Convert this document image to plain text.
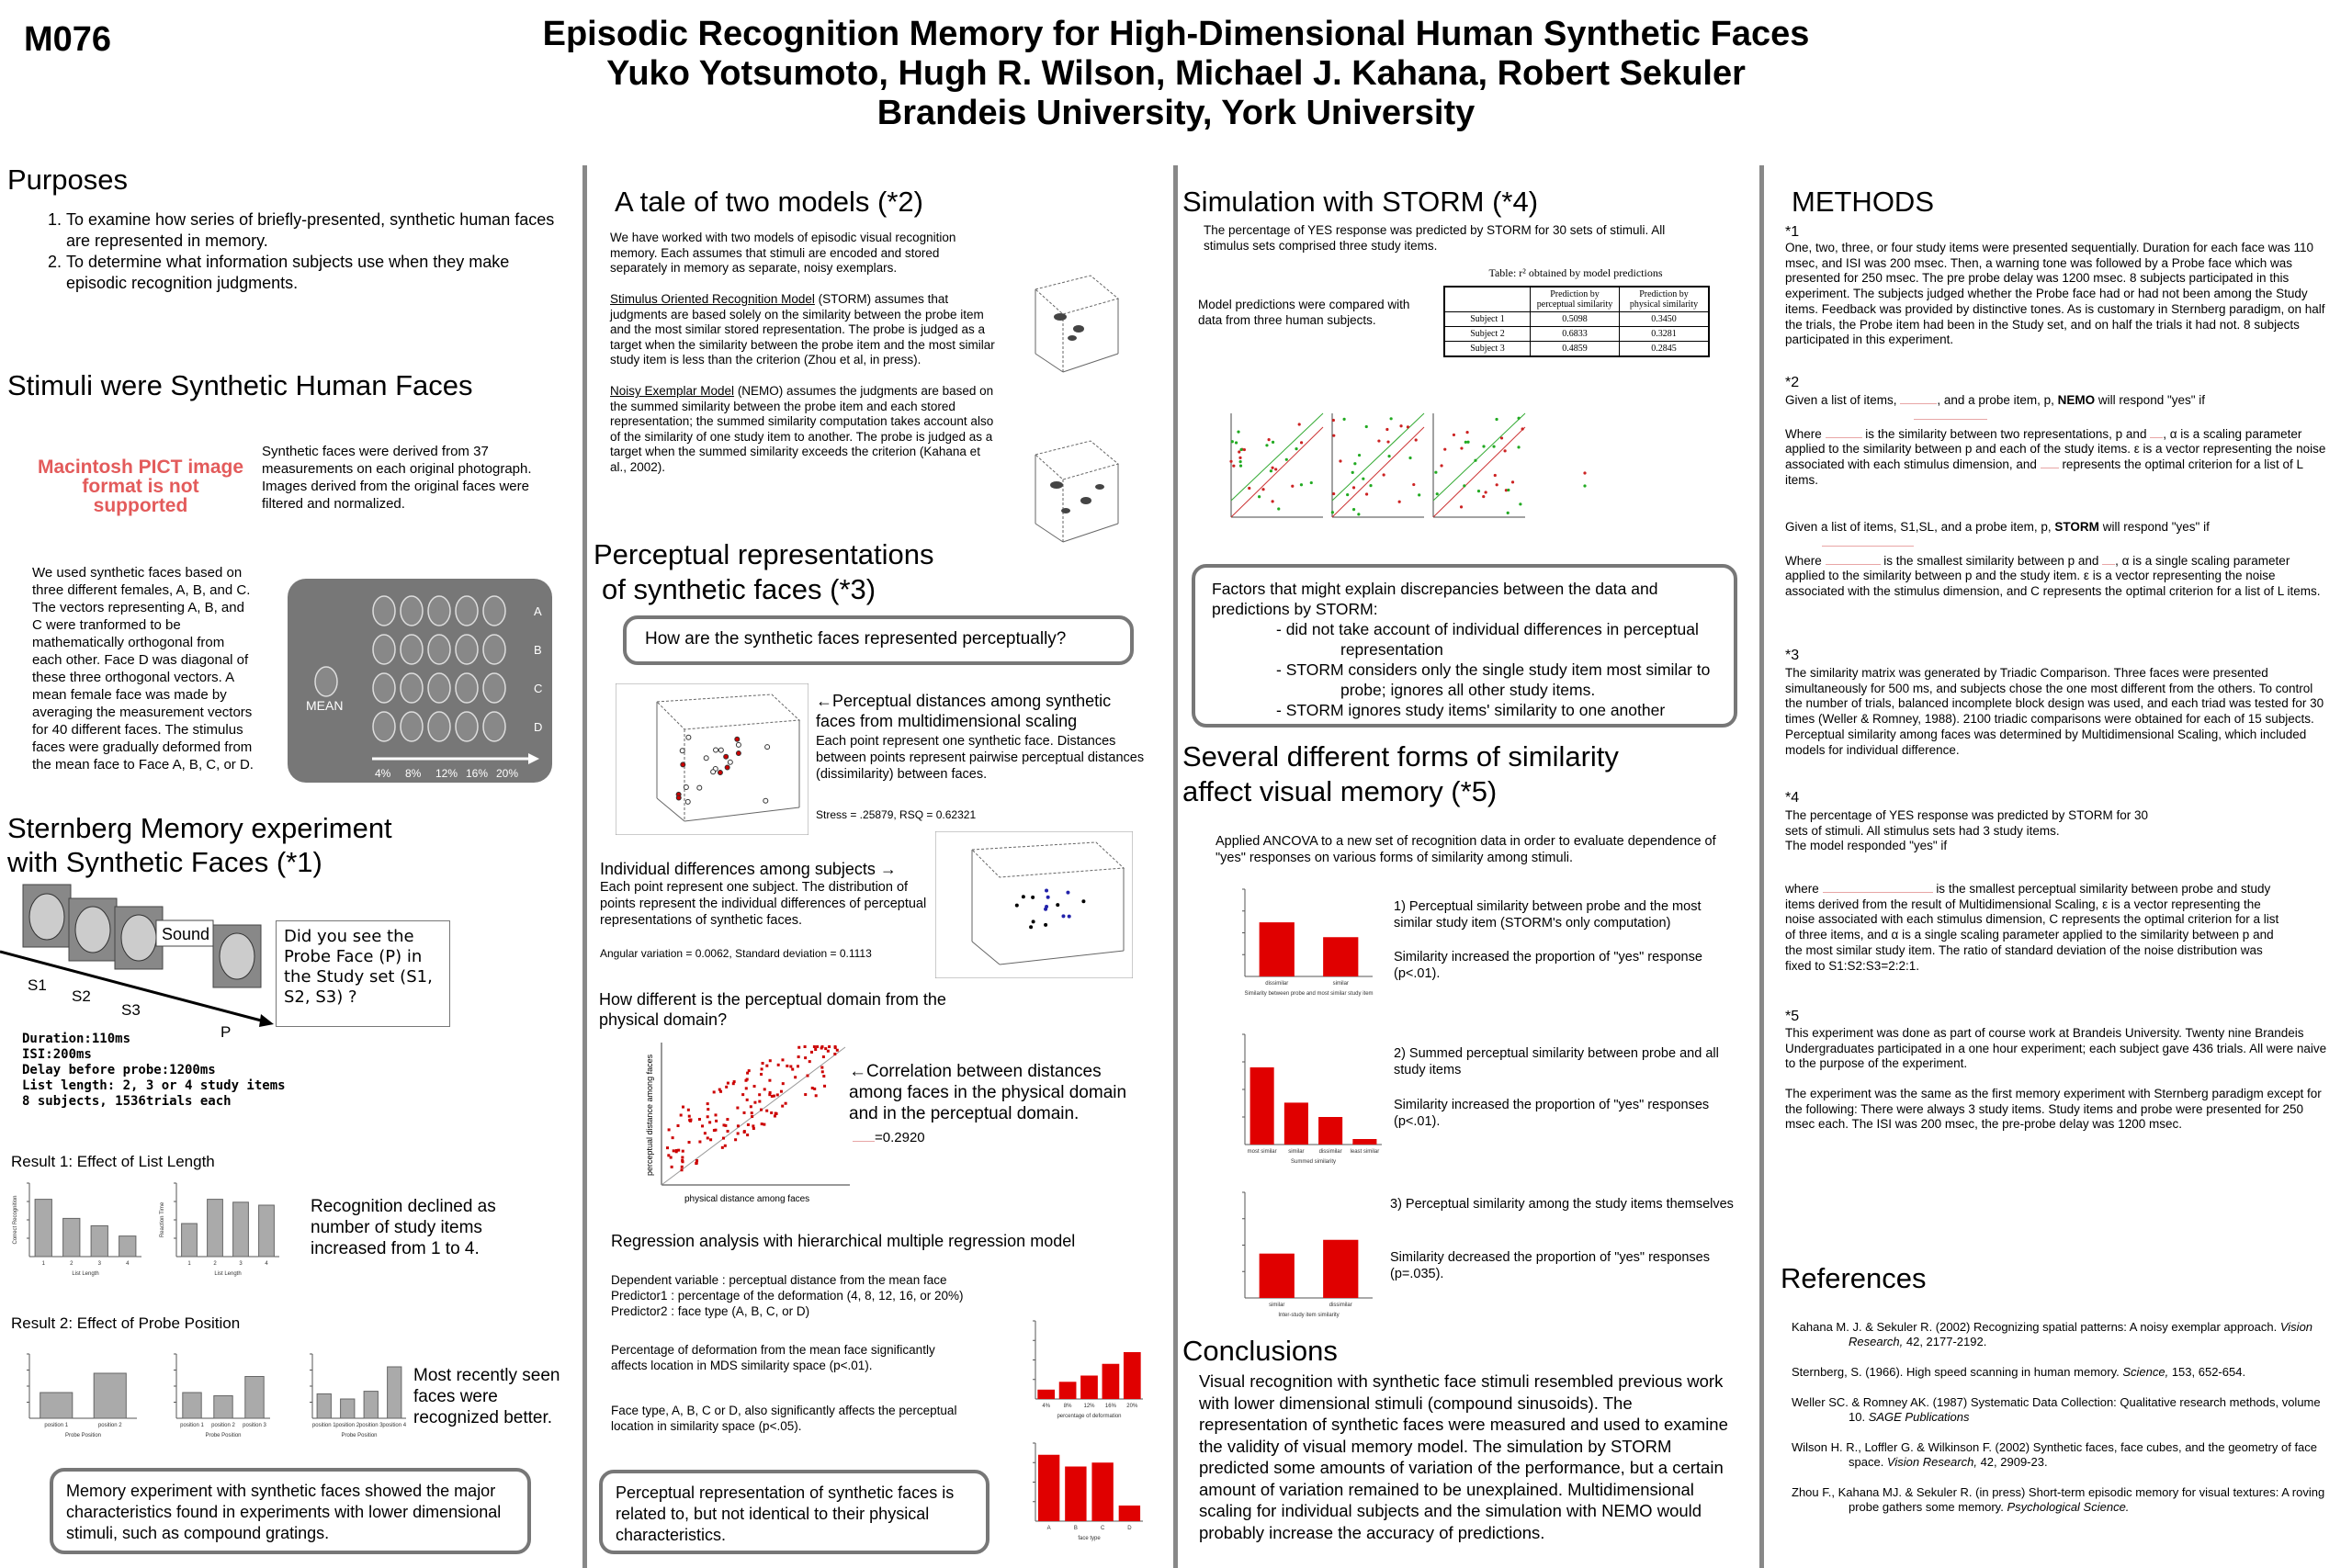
M076	Episodic Recognition Memory for High-Dimensional Human Synthetic Faces
Yuko Yotsumoto, Hugh R. Wilson, Michael J. Kahana, Robert Sekuler
Brandeis University, York University
Purposes
1. To examine how series of briefly-presented, synthetic human faces are represented in memory.
2. To determine what information subjects use when they make episodic recognition judgments.
Stimuli were Synthetic Human Faces
Macintosh PICT image format is not supported
Synthetic faces were derived from 37 measurements on each original photograph. Images derived from the original faces were filtered and normalized.
We used synthetic faces based on three different females, A, B, and C. The vectors representing A, B, and C were tranformed to be mathematically orthogonal from each other. Face D was diagonal of these three orthogonal vectors. A mean female face was made by averaging the measurement vectors for 40 different faces. The stimulus faces were gradually deformed from the mean face to Face A, B, C, or D.
MEAN
A
B
C
D
4% 8% 12% 16% 20%
Sternberg Memory experiment
with Synthetic Faces (*1)
Sound
S1
S2
S3
P
Did you see the Probe Face (P) in the Study set (S1, S2, S3) ?
Duration:110ms
ISI:200ms
Delay before probe:1200ms
List length: 2, 3 or 4 study items
8 subjects, 1536trials each
Result 1: Effect of List Length
1	2	3	4
List Length
Correct Recognition
1	2	3	4
List Length
Reaction Time	Recognition declined as number of study items increased from 1 to 4.
Result 2: Effect of Probe Position
position 1	position 2
Probe Position
position 1 position 2 position 3
Probe Position
position 1 position 2 position 3 position 4
Probe Position
Most recently seen faces were recognized better.
Memory experiment with synthetic faces showed the major characteristics found in experiments with lower dimensional stimuli, such as compound gratings.
A tale of two models (*2)
We have worked with two models of episodic visual recognition memory. Each assumes that stimuli are encoded and stored separately in memory as separate, noisy exemplars.
Stimulus Oriented Recognition Model (STORM) assumes that judgments are based solely on the similarity between the probe item and the most similar stored representation. The probe is judged as a target when the similarity between the probe item and the most similar study item is less than the criterion (Zhou et al, in press).
Noisy Exemplar Model (NEMO) assumes the judgments are based on the summed similarity between the probe item and each stored representation; the summed similarity computation takes account also of the similarity of one study item to another. The probe is judged as a target when the summed similarity exceeds the criterion (Kahana et al., 2002).
Perceptual representations
of synthetic faces (*3)
How are the synthetic faces represented perceptually?
←Perceptual distances among synthetic faces from multidimensional scaling
Each point represent one synthetic face. Distances between points represent pairwise perceptual distances (dissimilarity) between faces.
Stress = .25879, RSQ = 0.62321
Individual differences among subjects →
Each point represent one subject. The distribution of points represent the individual differences of perceptual representations of synthetic faces.
Angular variation = 0.0062, Standard deviation = 0.1113
How different is the perceptual domain from the physical domain?
physical distance among faces
perceptual distance among faces	←Correlation between distances among faces in the physical domain and in the perceptual domain.
=0.2920
Regression analysis with hierarchical multiple regression model
Dependent variable : perceptual distance from the mean face
Predictor1 : percentage of the deformation (4, 8, 12, 16, or 20%)
Predictor2 : face type (A, B, C, or D)
Percentage of deformation from the mean face significantly affects location in MDS similarity space (p<.01).
Face type, A, B, C or D, also significantly affects the perceptual location in similarity space (p<.05).
4% 8% 12% 16% 20%
percentage of deformation
A	B	C	D
face type
Perceptual representation of synthetic faces is related to, but not identical to their physical characteristics.
Simulation with STORM (*4)
The percentage of YES response was predicted by STORM for 30 sets of stimuli. All stimulus sets comprised three study items.
Model predictions were compared with data from three human subjects.
Table: r² obtained by model predictions
	Prediction by perceptual similarity	Prediction by physical similarity
Subject 1	0.5098	0.3450
Subject 2	0.6833	0.3281
Subject 3	0.4859	0.2845
Factors that might explain discrepancies between the data and predictions by STORM:
- did not take account of individual differences in perceptual representation
- STORM considers only the single study item most similar to probe; ignores all other study items.
- STORM ignores study items' similarity to one another
Several different forms of similarity
affect visual memory (*5)
Applied ANCOVA to a new set of recognition data in order to evaluate dependence of "yes" responses on various forms of similarity among stimuli.
dissimilar	similar
Similarity between probe and most similar study item
1) Perceptual similarity between probe and the most similar study item (STORM's only computation)
Similarity increased the proportion of "yes" response (p<.01).
most similar similar	dissimilar least similar
Summed similarity
2) Summed perceptual similarity between probe and all study items
Similarity increased the proportion of "yes" responses (p<.01).
similar	dissimilar
Inter-study item similarity
3) Perceptual similarity among the study items themselves
Similarity decreased the proportion of "yes" responses (p=.035).
Conclusions
Visual recognition with synthetic face stimuli resembled previous work with lower dimensional stimuli (compound sinusoids). The representation of synthetic faces were measured and used to examine the validity of visual memory model. The simulation by STORM predicted some amounts of variation of the performance, but a certain amount of variation remained to be unexplained. Multidimensional scaling for individual subjects and the simulation with NEMO would probably increase the accuracy of predictions.
METHODS
*1
One, two, three, or four study items were presented sequentially. Duration for each face was 110 msec, and ISI was 200 msec. Then, a warning tone was followed by a Probe face which was presented for 250 msec. The pre probe delay was 1200 msec. 8 subjects participated in this experiment. The subjects judged whether the Probe face had or had not been among the Study items. Feedback was provided by distinctive tones. As is customary in Sternberg paradigm, on half the trials, the Probe item had been in the Study set, and on half the trials it had not. 8 subjects participated in this experiment.
*2
Given a list of items,	, and a probe item, p, NEMO will respond "yes" if
Where	is the similarity between two representations, p and , α is a scaling parameter applied to the similarity between p and each of the study items. ε is a vector representing the noise associated with each stimulus dimension, and represents the optimal criterion for a list of L items.
Given a list of items, S1,SL, and a probe item, p, STORM will respond "yes" if
Where	is the smallest similarity between p and , α is a single scaling parameter applied to the similarity between p and the study item. ε is a vector representing the noise associated with the stimulus dimension, and C represents the optimal criterion for a list of L items.
*3
The similarity matrix was generated by Triadic Comparison. Three faces were presented simultaneously for 500 ms, and subjects chose the one most different from the others. To control the number of trials, balanced incomplete block design was used, and each triad was tested for 30 times (Weller & Romney, 1988). 2100 triadic comparisons were obtained for each of 15 subjects. Perceptual similarity among faces was determined by Multidimensional Scaling, which included models for individual difference.
*4
The percentage of YES response was predicted by STORM for 30 sets of stimuli. All stimulus sets had 3 study items.
The model responded "yes" if
where	is the smallest perceptual similarity between probe and study items derived from the result of Multidimensional Scaling, ε is a vector representing the noise associated with each stimulus dimension, C represents the optimal criterion for a list of three items, and α is a single scaling parameter applied to the similarity between p and the most similar study item. The ratio of standard deviation of the noise distribution was fixed to S1:S2:S3=2:2:1.
*5
This experiment was done as part of course work at Brandeis University. Twenty nine Brandeis Undergraduates participated in a one hour experiment; each subject gave 436 trials. All were naive to the purpose of the experiment.
The experiment was the same as the first memory experiment with Sternberg paradigm except for the following: There were always 3 study items. Study items and probe were presented for 250 msec each. The ISI was 200 msec, the pre-probe delay was 1200 msec.
References
Kahana M. J. & Sekuler R. (2002) Recognizing spatial patterns: A noisy exemplar approach. Vision Research, 42, 2177-2192.
Sternberg, S. (1966). High speed scanning in human memory. Science, 153, 652-654.
Weller SC. & Romney AK. (1987) Systematic Data Collection: Qualitative research methods, volume 10. SAGE Publications
Wilson H. R., Loffler G. & Wilkinson F. (2002) Synthetic faces, face cubes, and the geometry of face space. Vision Research, 42, 2909-23.
Zhou F., Kahana MJ. & Sekuler R. (in press) Short-term episodic memory for visual textures: A roving probe gathers some memory. Psychological Science.
